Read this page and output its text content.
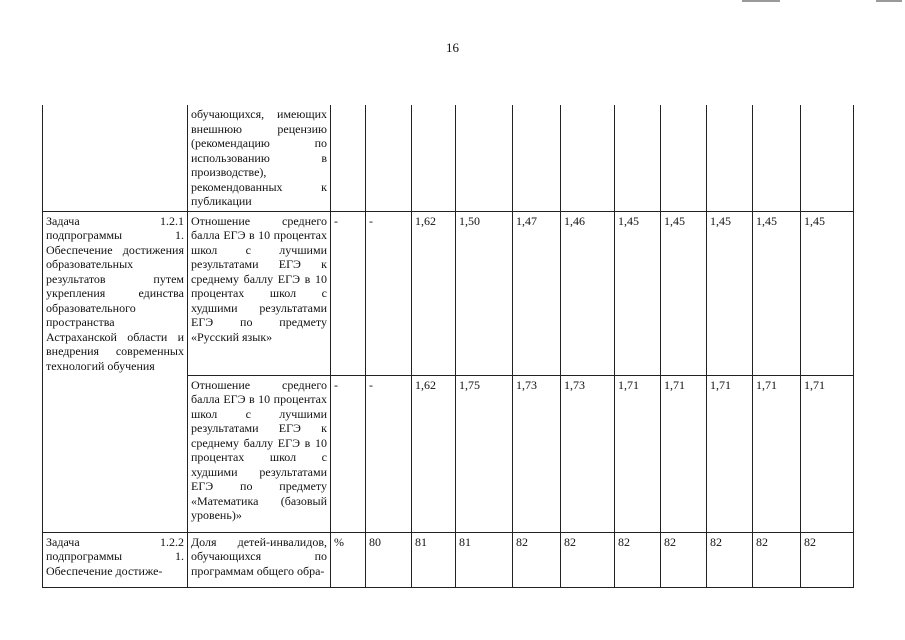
16
	обучающихся, имеющих внешнюю рецензию (рекомендацию по использованию в производстве), рекомендованных к публикации											
Задача 1.2.1 подпрограммы 1. Обеспечение достижения образовательных результатов путем укрепления единства образовательного пространства Астраханской области и внедрения современных технологий обучения	Отношение среднего балла ЕГЭ в 10 процентах школ с лучшими результатами ЕГЭ к среднему баллу ЕГЭ в 10 процентах школ с худшими результатами ЕГЭ по предмету «Русский язык»	-	-	1,62	1,50	1,47	1,46	1,45	1,45	1,45	1,45	1,45
	Отношение среднего балла ЕГЭ в 10 процентах школ с лучшими результатами ЕГЭ к среднему баллу ЕГЭ в 10 процентах школ с худшими результатами ЕГЭ по предмету «Математика (базовый уровень)»	-	-	1,62	1,75	1,73	1,73	1,71	1,71	1,71	1,71	1,71
Задача 1.2.2 подпрограммы 1. Обеспечение достиже-	Доля детей-инвалидов, обучающихся по программам общего обра-	%	80	81	81	82	82	82	82	82	82	82
